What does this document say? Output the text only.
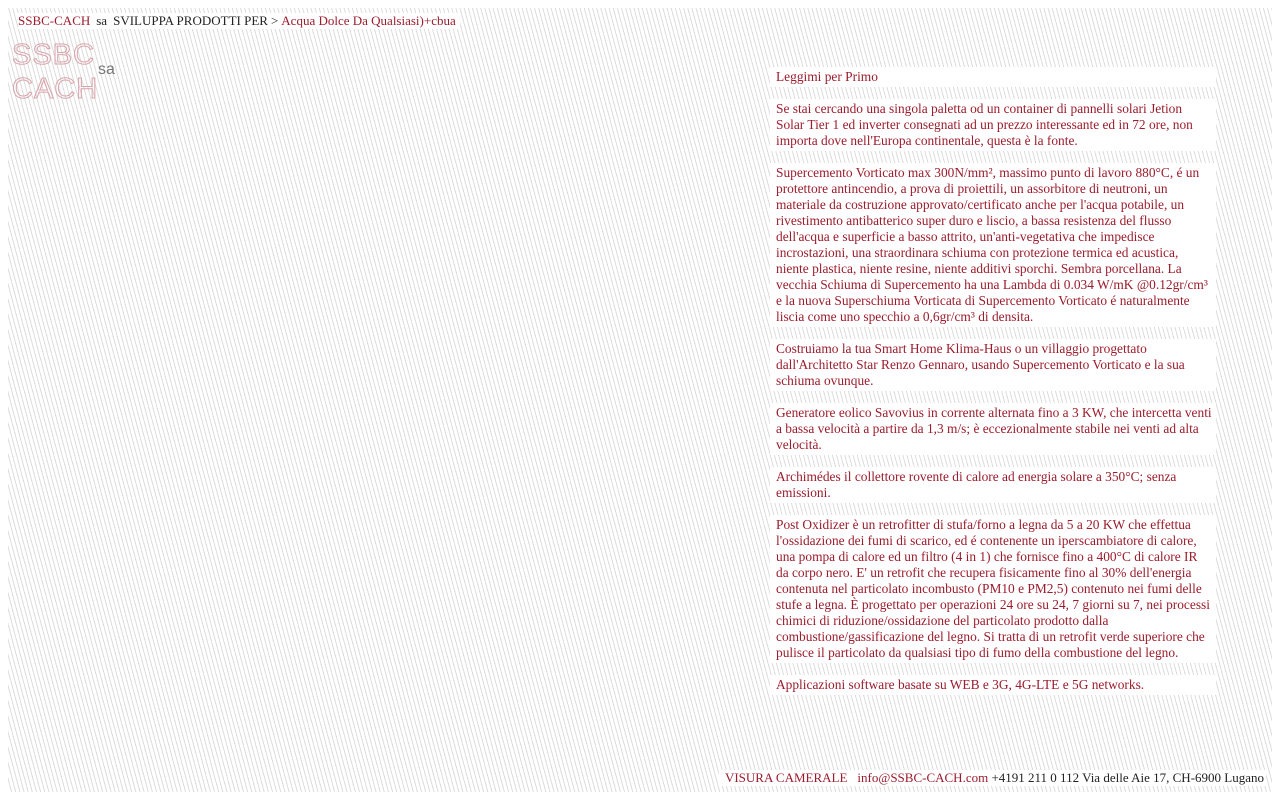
SSBC-CACH sa SVILUPPA PRODOTTI PER > Acqua Dolce Da Qualsiasi)+cbua
SSBC sa
CACH	Leggimi per Primo
Se stai cercando una singola paletta od un container di pannelli solari Jetion Solar Tier 1 ed inverter consegnati ad un prezzo interessante ed in 72 ore, non importa dove nell'Europa continentale, questa è la fonte.
Supercemento Vorticato max 300N/mm², massimo punto di lavoro 880°C, é un protettore antincendio, a prova di proiettili, un assorbitore di neutroni, un materiale da costruzione approvato/certificato anche per l'acqua potabile, un rivestimento antibatterico super duro e liscio, a bassa resistenza del flusso dell'acqua e superficie a basso attrito, un'anti-vegetativa che impedisce incrostazioni, una straordinara schiuma con protezione termica ed acustica, niente plastica, niente resine, niente additivi sporchi. Sembra porcellana. La vecchia Schiuma di Supercemento ha una Lambda di 0.034 W/mK @0.12gr/cm³ e la nuova Superschiuma Vorticata di Supercemento Vorticato é naturalmente liscia come uno specchio a 0,6gr/cm³ di densita.
Costruiamo la tua Smart Home Klima-Haus o un villaggio progettato dall'Architetto Star Renzo Gennaro, usando Supercemento Vorticato e la sua schiuma ovunque.
Generatore eolico Savovius in corrente alternata fino a 3 KW, che intercetta venti a bassa velocità a partire da 1,3 m/s; è eccezionalmente stabile nei venti ad alta velocità.
Archimédes il collettore rovente di calore ad energia solare a 350°C; senza emissioni.
Post Oxidizer è un retrofitter di stufa/forno a legna da 5 a 20 KW che effettua l'ossidazione dei fumi di scarico, ed é contenente un iperscambiatore di calore, una pompa di calore ed un filtro (4 in 1) che fornisce fino a 400°C di calore IR da corpo nero. E' un retrofit che recupera fisicamente fino al 30% dell'energia contenuta nel particolato incombusto (PM10 e PM2,5) contenuto nei fumi delle stufe a legna. È progettato per operazioni 24 ore su 24, 7 giorni su 7, nei processi chimici di riduzione/ossidazione del particolato prodotto dalla combustione/gassificazione del legno. Si tratta di un retrofit verde superiore che pulisce il particolato da qualsiasi tipo di fumo della combustione del legno.
Applicazioni software basate su WEB e 3G, 4G-LTE e 5G networks.
VISURA CAMERALE info@SSBC-CACH.com +4191 211 0 112 Via delle Aie 17, CH-6900 Lugano
